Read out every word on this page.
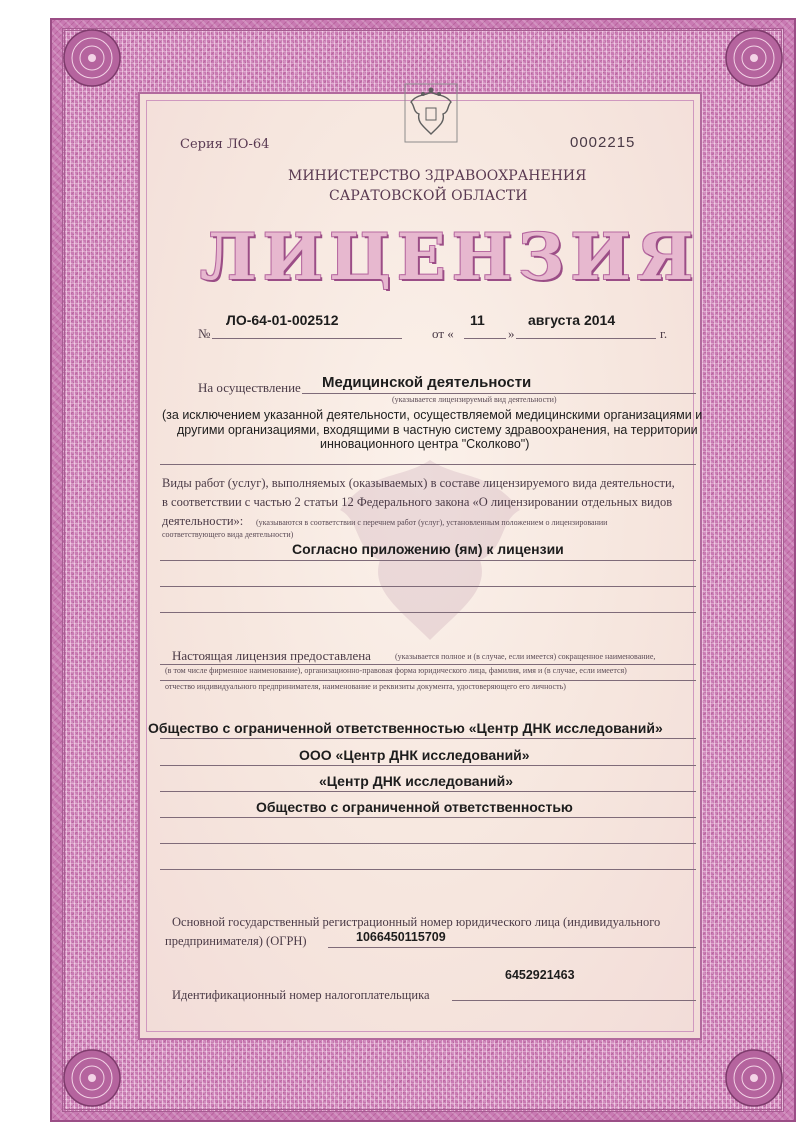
Серия ЛО-64	0002215
МИНИСТЕРСТВО ЗДРАВООХРАНЕНИЯ
САРАТОВСКОЙ ОБЛАСТИ
ЛИЦЕНЗИЯ
№
ЛО-64-01-002512
от «
11
»
августа 2014
г.
На осуществление Медицинской деятельности
(указывается лицензируемый вид деятельности)
(за исключением указанной деятельности, осуществляемой медицинскими организациями и
другими организациями, входящими в частную систему здравоохранения, на территории
инновационного центра "Сколково")
Виды работ (услуг), выполняемых (оказываемых) в составе лицензируемого вида деятельности,
в соответствии с частью 2 статьи 12 Федерального закона «О лицензировании отдельных видов
деятельности»: (указываются в соответствии с перечнем работ (услуг), установленным положением о лицензировании
соответствующего вида деятельности)
Согласно приложению (ям) к лицензии
Настоящая лицензия предоставлена	(указывается полное и (в случае, если имеется) сокращенное наименование,
(в том числе фирменное наименование), организационно-правовая форма юридического лица, фамилия, имя и (в случае, если имеется)
отчество индивидуального предпринимателя, наименование и реквизиты документа, удостоверяющего его личность)
Общество с ограниченной ответственностью «Центр ДНК исследований»
ООО «Центр ДНК исследований»
«Центр ДНК исследований»
Общество с ограниченной ответственностью
Основной государственный регистрационный номер юридического лица (индивидуального
предпринимателя) (ОГРН)	1066450115709
6452921463
Идентификационный номер налогоплательщика
